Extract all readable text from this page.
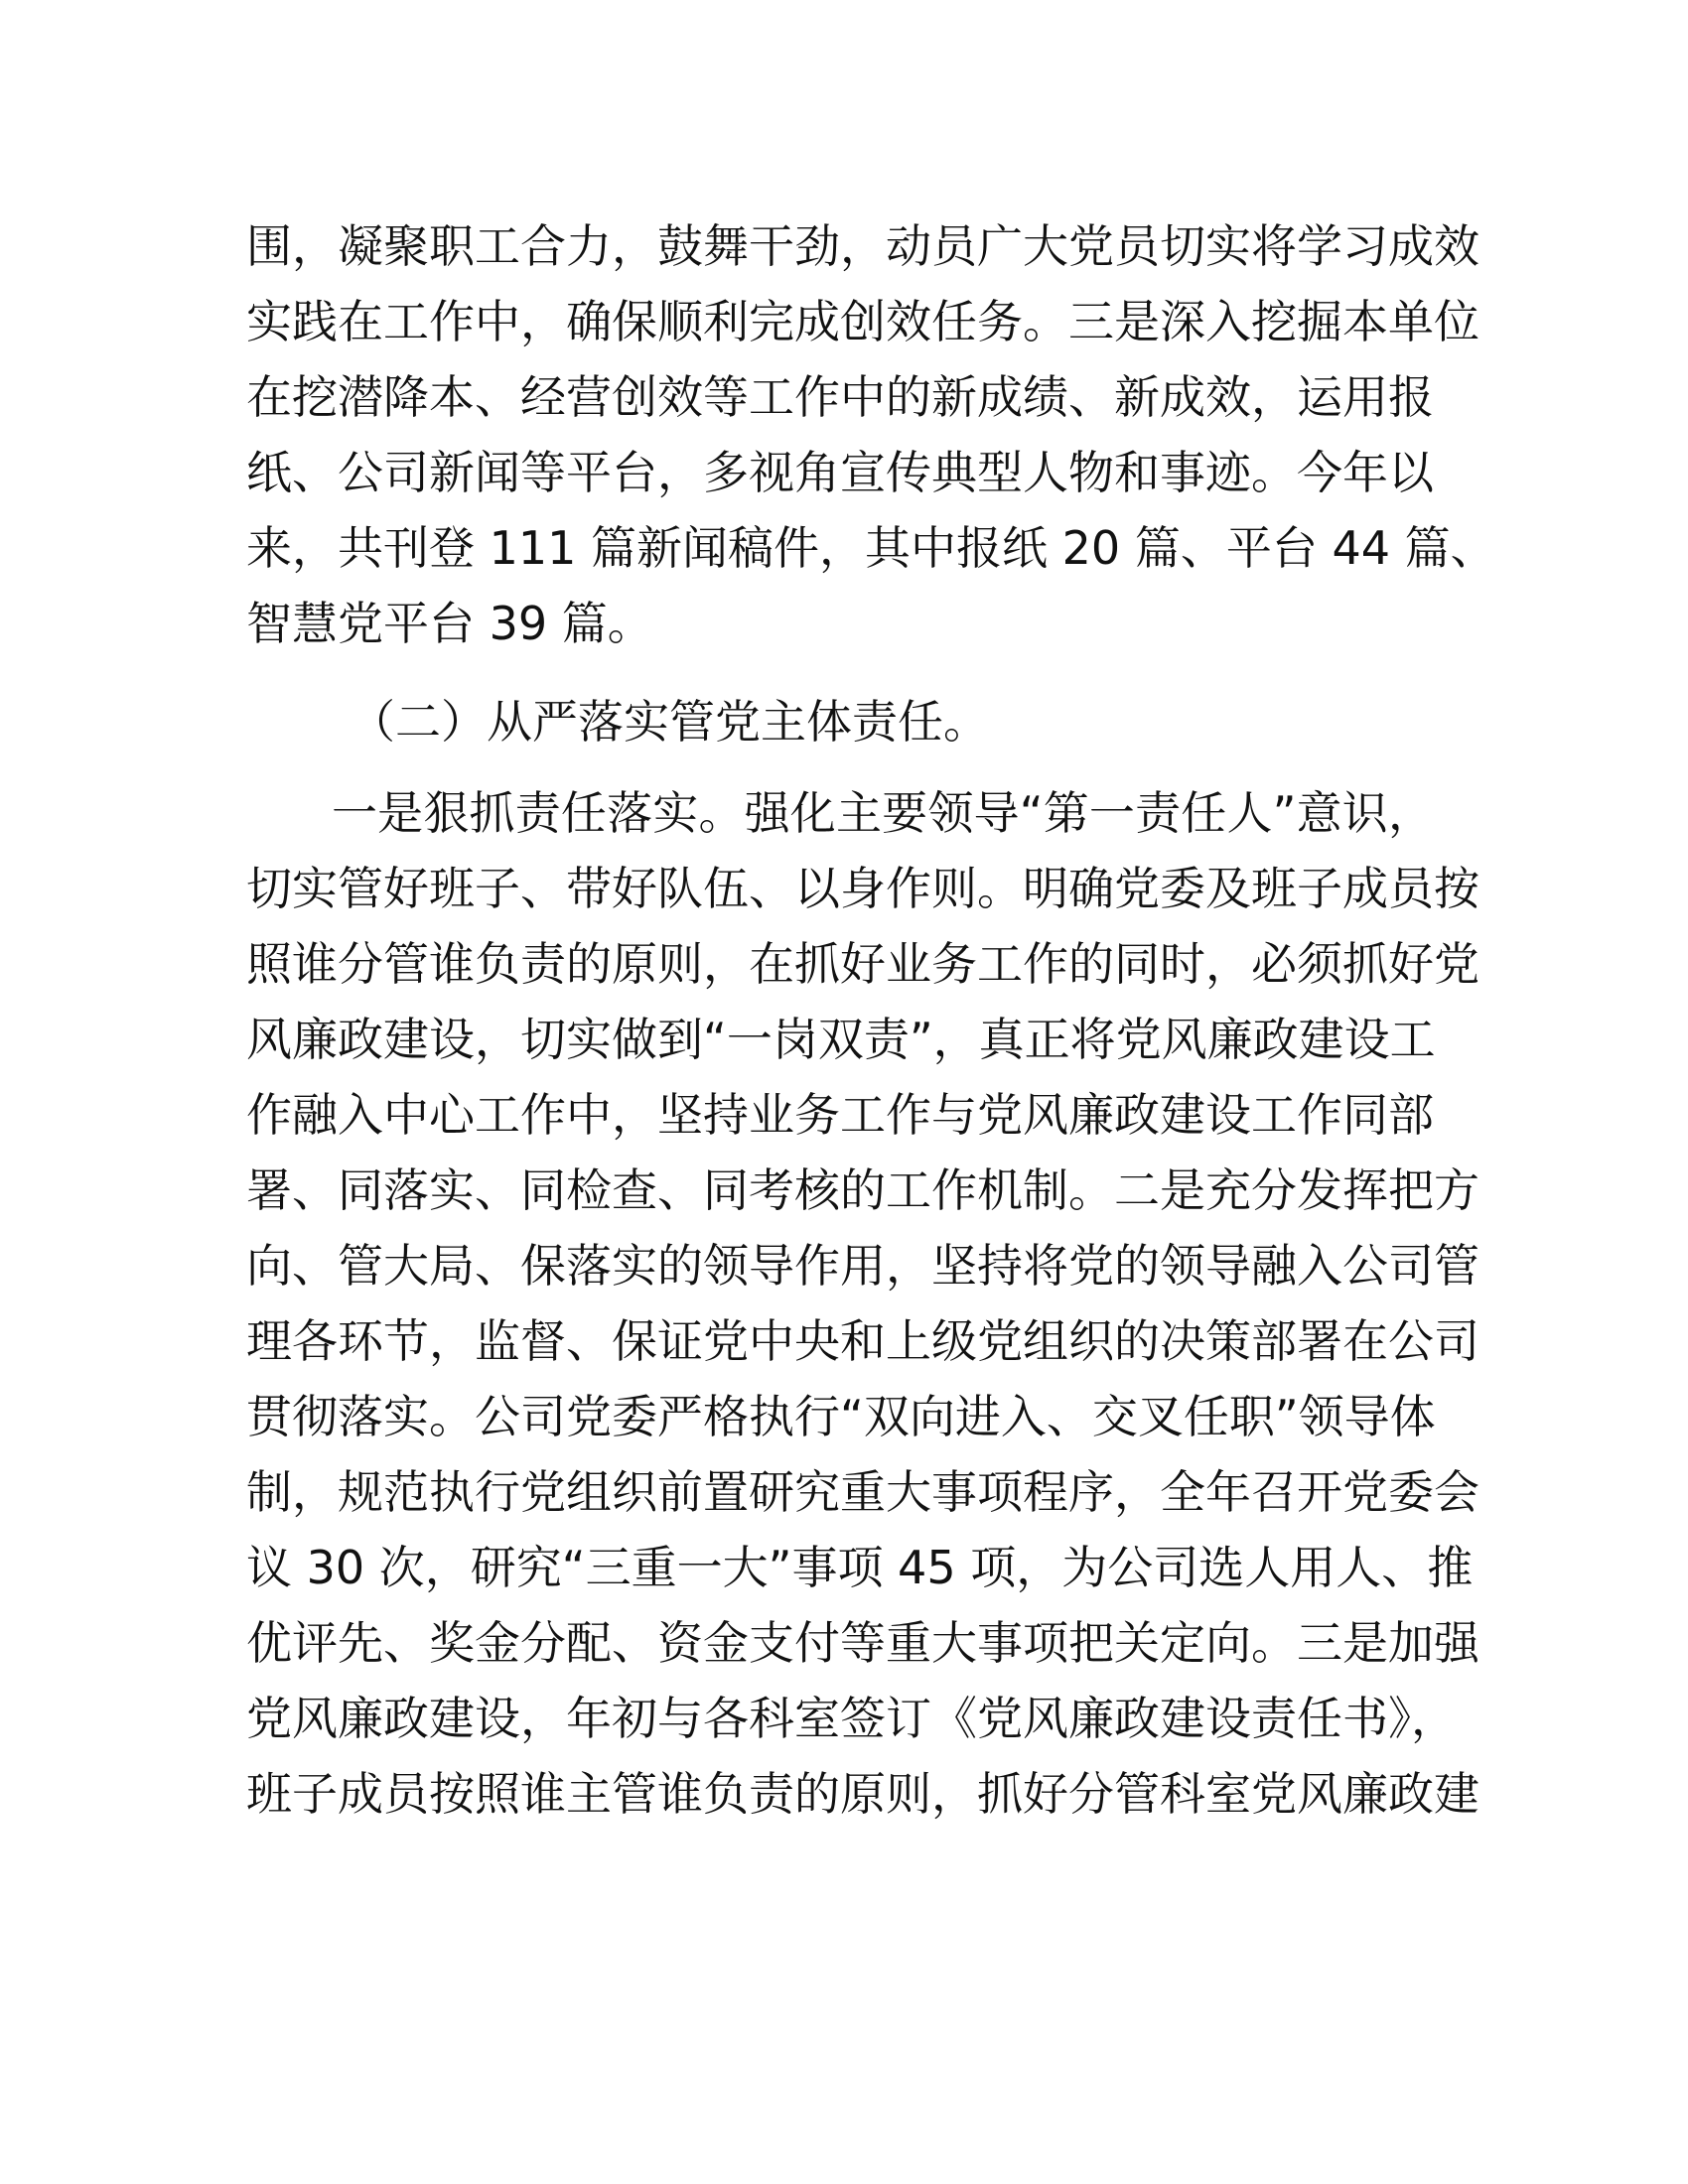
围，凝聚职工合力，鼓舞干劲，动员广大党员切实将学习成效
实践在工作中，确保顺利完成创效任务。三是深入挖掘本单位
在挖潜降本、经营创效等工作中的新成绩、新成效，运用报
纸、公司新闻等平台，多视角宣传典型人物和事迹。今年以
来，共刊登 111 篇新闻稿件，其中报纸 20 篇、平台 44 篇、
智慧党平台 39 篇。
（二）从严落实管党主体责任。
一是狠抓责任落实。强化主要领导“第一责任人”意识，
切实管好班子、带好队伍、以身作则。明确党委及班子成员按
照谁分管谁负责的原则，在抓好业务工作的同时，必须抓好党
风廉政建设，切实做到“一岗双责”，真正将党风廉政建设工
作融入中心工作中，坚持业务工作与党风廉政建设工作同部
署、同落实、同检查、同考核的工作机制。二是充分发挥把方
向、管大局、保落实的领导作用，坚持将党的领导融入公司管
理各环节，监督、保证党中央和上级党组织的决策部署在公司
贯彻落实。公司党委严格执行“双向进入、交叉任职”领导体
制，规范执行党组织前置研究重大事项程序，全年召开党委会
议 30 次，研究“三重一大”事项 45 项，为公司选人用人、推
优评先、奖金分配、资金支付等重大事项把关定向。三是加强
党风廉政建设，年初与各科室签订《党风廉政建设责任书》，
班子成员按照谁主管谁负责的原则，抓好分管科室党风廉政建
